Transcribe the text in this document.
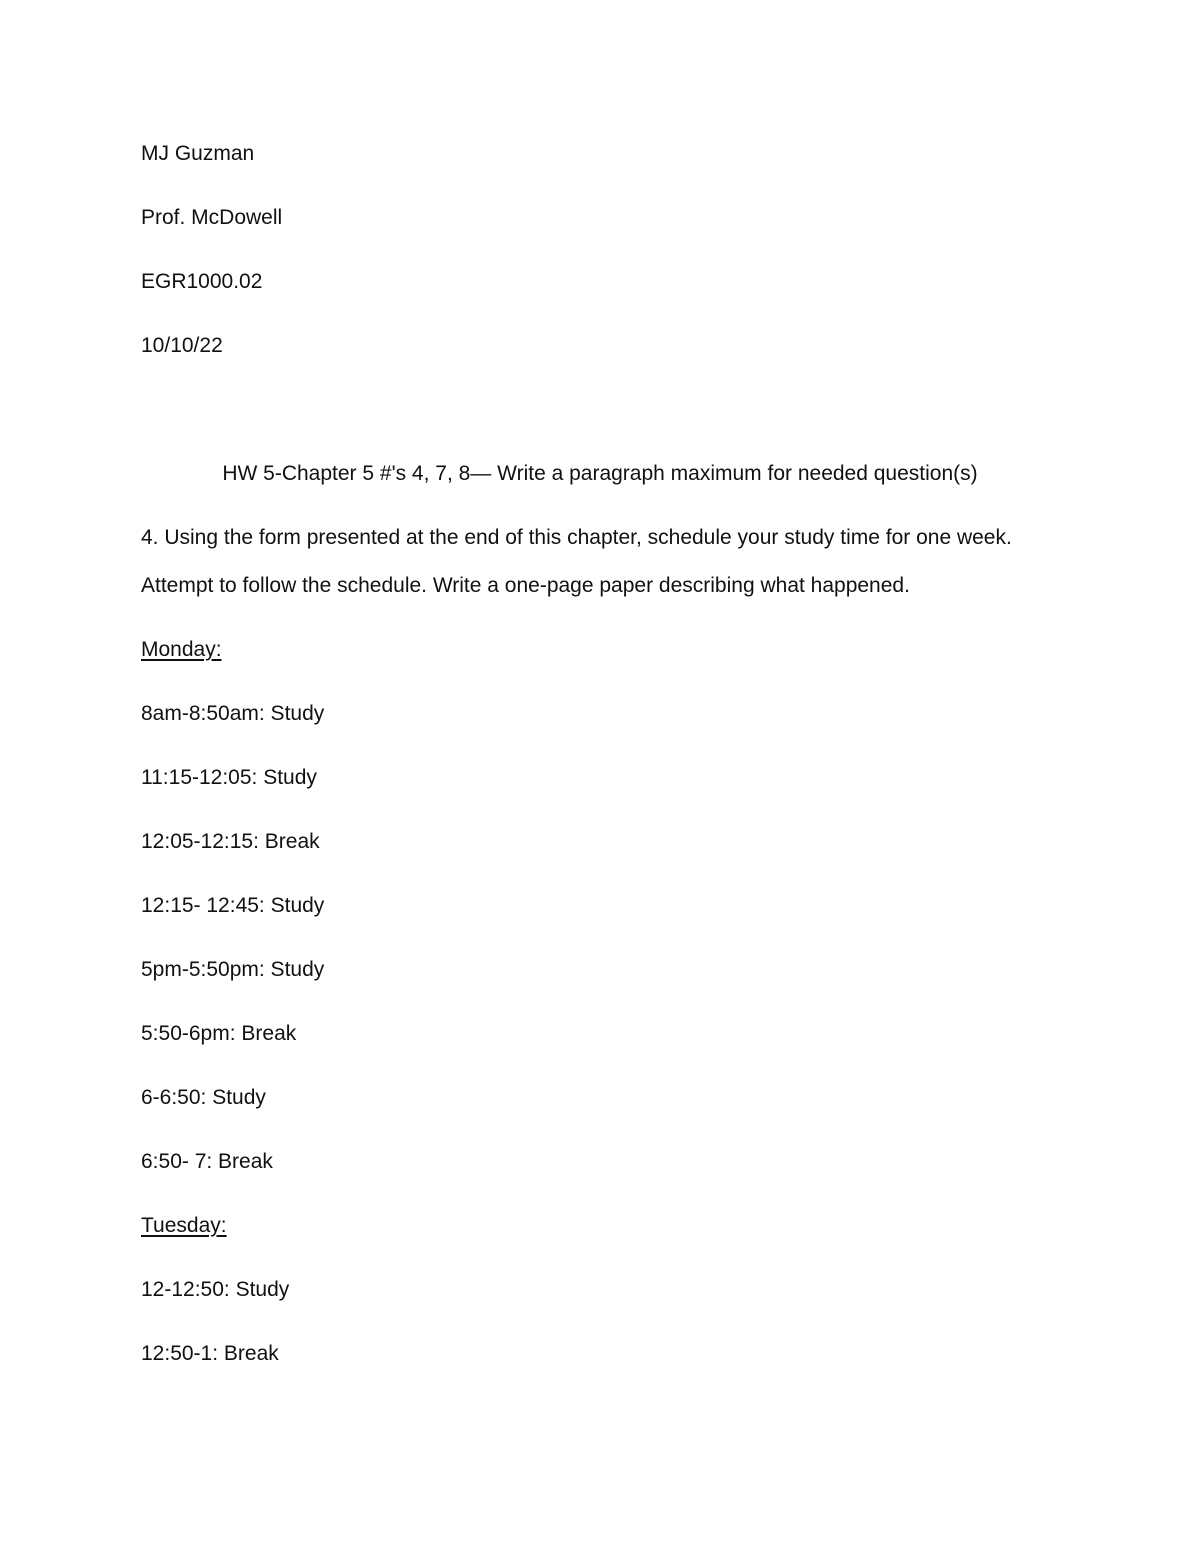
MJ Guzman
Prof. McDowell
EGR1000.02
10/10/22
HW 5-Chapter 5 #'s 4, 7, 8— Write a paragraph maximum for needed question(s)
4. Using the form presented at the end of this chapter, schedule your study time for one week.
Attempt to follow the schedule. Write a one-page paper describing what happened.
Monday:
8am-8:50am: Study
11:15-12:05: Study
12:05-12:15: Break
12:15- 12:45: Study
5pm-5:50pm: Study
5:50-6pm: Break
6-6:50: Study
6:50- 7: Break
Tuesday:
12-12:50: Study
12:50-1: Break
